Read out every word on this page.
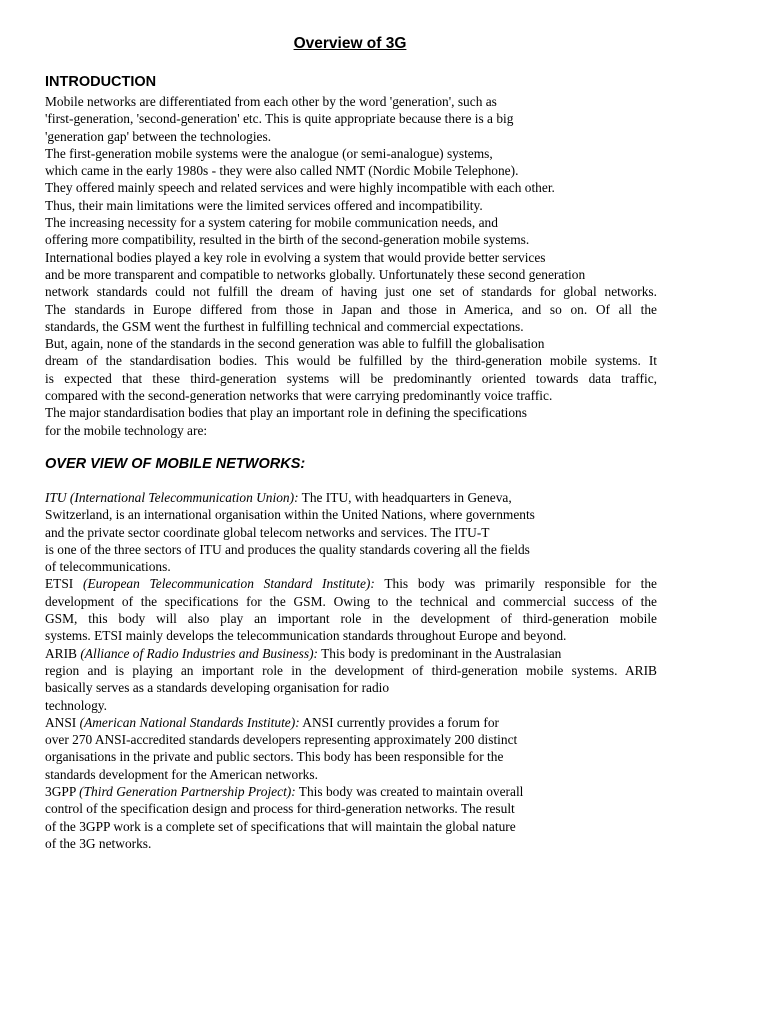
Overview of 3G
INTRODUCTION
Mobile networks are differentiated from each other by the word 'generation', such as
'first-generation, 'second-generation' etc. This is quite appropriate because there is a big
'generation gap' between the technologies.
The first-generation mobile systems were the analogue (or semi-analogue) systems,
which came in the early 1980s - they were also called NMT (Nordic Mobile Telephone).
They offered mainly speech and related services and were highly incompatible with each other.
Thus, their main limitations were the limited services offered and incompatibility.
The increasing necessity for a system catering for mobile communication needs, and
offering more compatibility, resulted in the birth of the second-generation mobile systems.
International bodies played a key role in evolving a system that would provide better services
and be more transparent and compatible to networks globally. Unfortunately these second generation
network standards could not fulfill the dream of having just one set of standards for global networks.
The standards in Europe differed from those in Japan and those in America, and so on. Of all the
standards, the GSM went the furthest in fulfilling technical and commercial expectations.
But, again, none of the standards in the second generation was able to fulfill the globalisation
dream of the standardisation bodies. This would be fulfilled by the third-generation mobile systems. It
is expected that these third-generation systems will be predominantly oriented towards data traffic,
compared with the second-generation networks that were carrying predominantly voice traffic.
The major standardisation bodies that play an important role in defining the specifications
for the mobile technology are:
OVER VIEW OF MOBILE NETWORKS:
ITU (International Telecommunication Union): The ITU, with headquarters in Geneva,
Switzerland, is an international organisation within the United Nations, where governments
and the private sector coordinate global telecom networks and services. The ITU-T
is one of the three sectors of ITU and produces the quality standards covering all the fields
of telecommunications.
ETSI (European Telecommunication Standard Institute): This body was primarily responsible for the
development of the specifications for the GSM. Owing to the technical and commercial success of the
GSM, this body will also play an important role in the development of third-generation mobile
systems. ETSI mainly develops the telecommunication standards throughout Europe and beyond.
ARIB (Alliance of Radio Industries and Business): This body is predominant in the Australasian
region and is playing an important role in the development of third-generation mobile systems. ARIB
basically serves as a standards developing organisation for radio
technology.
ANSI (American National Standards Institute): ANSI currently provides a forum for
over 270 ANSI-accredited standards developers representing approximately 200 distinct
organisations in the private and public sectors. This body has been responsible for the
standards development for the American networks.
3GPP (Third Generation Partnership Project): This body was created to maintain overall
control of the specification design and process for third-generation networks. The result
of the 3GPP work is a complete set of specifications that will maintain the global nature
of the 3G networks.
